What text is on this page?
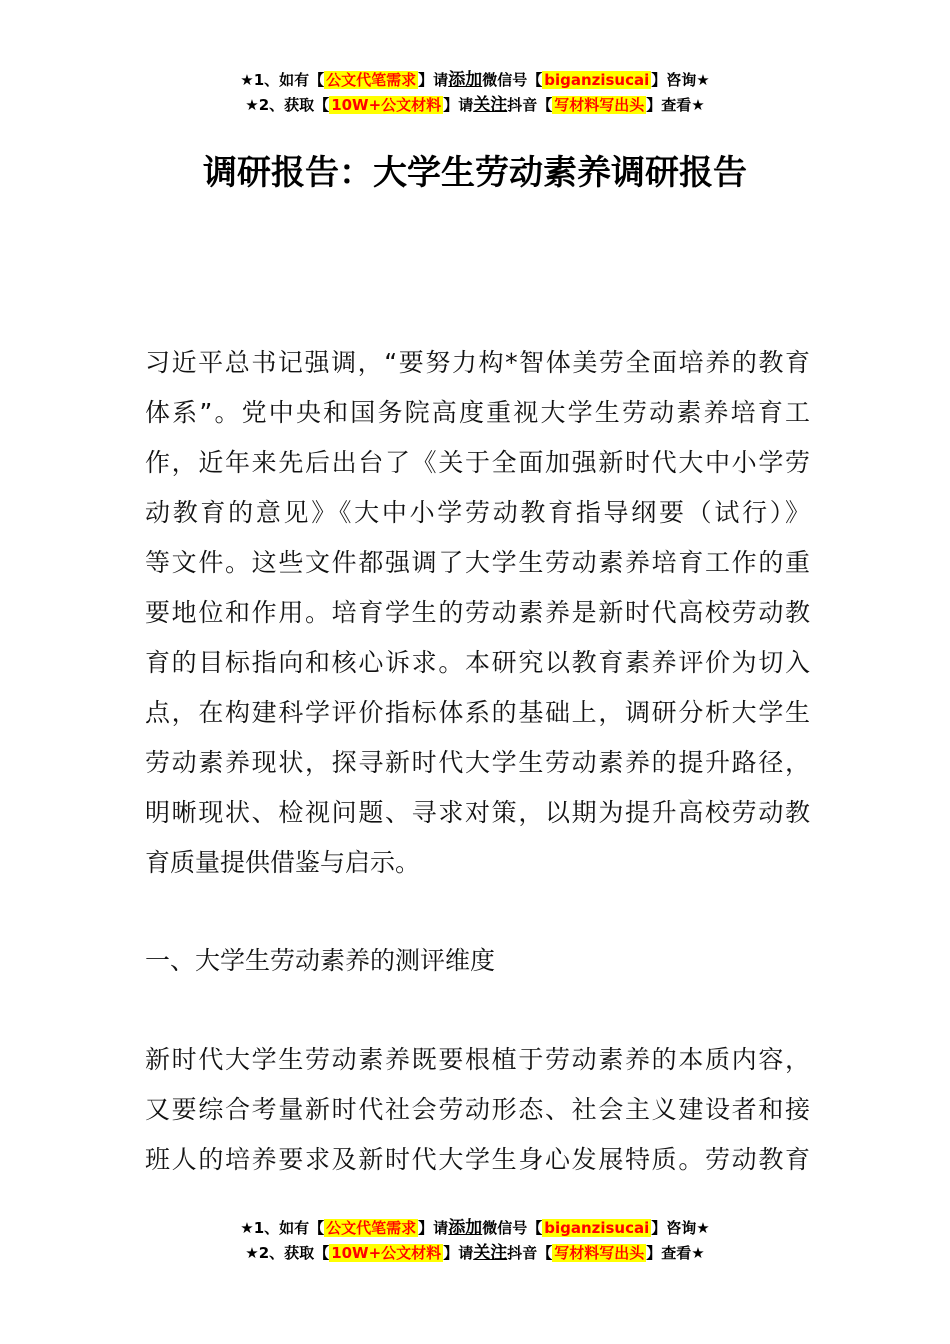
★1、如有【 公文代笔需求 】请添加微信号【 biganzisucai 】咨询★
★2、获取【 10W+公文材料 】请关注抖音【 写材料写出头 】查看★
调研报告：大学生劳动素养调研报告
习近平总书记强调，“要努力构*智体美劳全面培养的教育
体系”。党中央和国务院高度重视大学生劳动素养培育工
作，近年来先后出台了《关于全面加强新时代大中小学劳
动教育的意见》《大中小学劳动教育指导纲要（试行）》
等文件。这些文件都强调了大学生劳动素养培育工作的重
要地位和作用。培育学生的劳动素养是新时代高校劳动教
育的目标指向和核心诉求。本研究以教育素养评价为切入
点，在构建科学评价指标体系的基础上，调研分析大学生
劳动素养现状，探寻新时代大学生劳动素养的提升路径，
明晰现状、检视问题、寻求对策，以期为提升高校劳动教
育质量提供借鉴与启示。
一、大学生劳动素养的测评维度
新时代大学生劳动素养既要根植于劳动素养的本质内容，
又要综合考量新时代社会劳动形态、社会主义建设者和接
班人的培养要求及新时代大学生身心发展特质。劳动教育
★1、如有【 公文代笔需求 】请添加微信号【 biganzisucai 】咨询★
★2、获取【 10W+公文材料 】请关注抖音【 写材料写出头 】查看★
